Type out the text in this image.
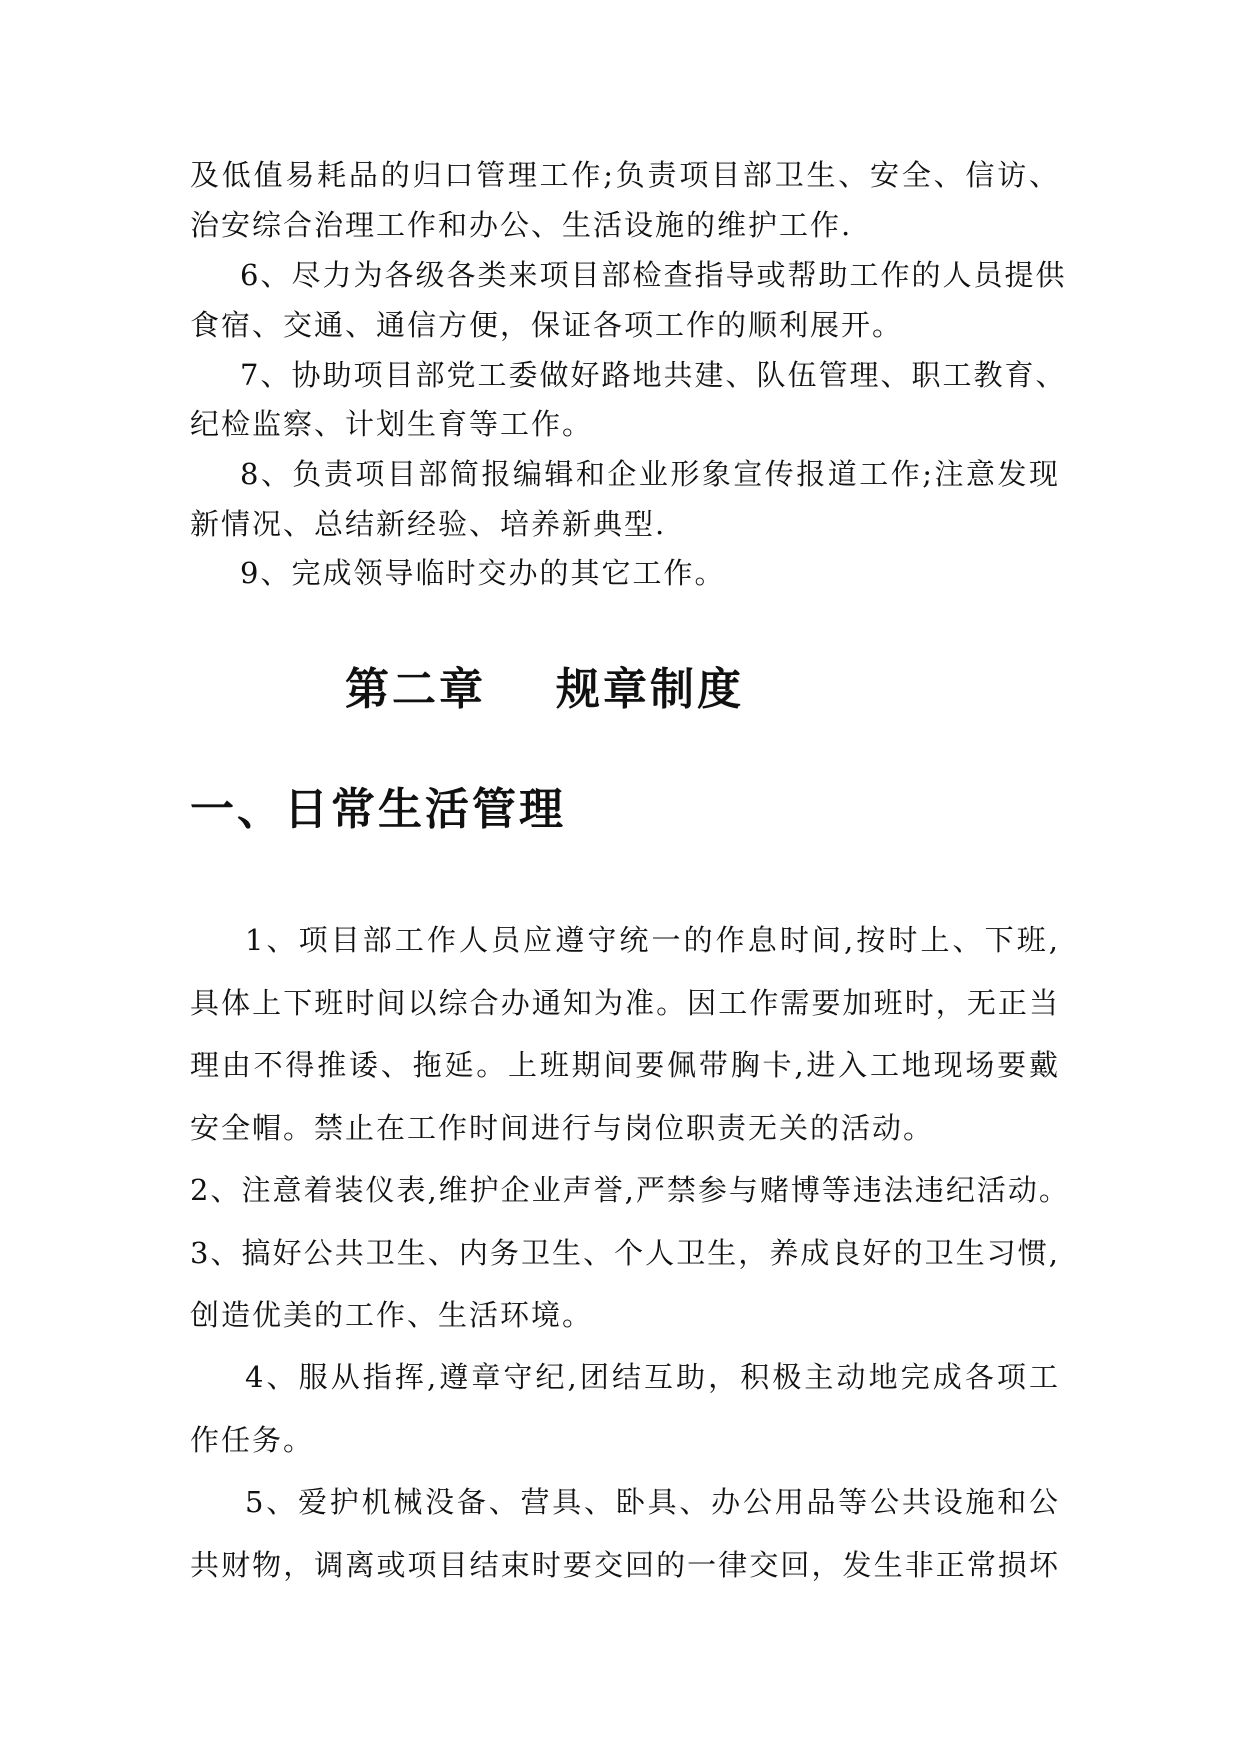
及低值易耗品的归口管理工作;负责项目部卫生、安全、信访、
治安综合治理工作和办公、生活设施的维护工作.
6、尽力为各级各类来项目部检查指导或帮助工作的人员提供
食宿、交通、通信方便，保证各项工作的顺利展开。
7、协助项目部党工委做好路地共建、队伍管理、职工教育、
纪检监察、计划生育等工作。
8、负责项目部简报编辑和企业形象宣传报道工作;注意发现
新情况、总结新经验、培养新典型.
9、完成领导临时交办的其它工作。
第二章 规章制度
一、日常生活管理
1、项目部工作人员应遵守统一的作息时间,按时上、下班,
具体上下班时间以综合办通知为准。因工作需要加班时，无正当
理由不得推诿、拖延。上班期间要佩带胸卡,进入工地现场要戴
安全帽。禁止在工作时间进行与岗位职责无关的活动。
2、注意着装仪表,维护企业声誉,严禁参与赌博等违法违纪活动。
3、搞好公共卫生、内务卫生、个人卫生，养成良好的卫生习惯,
创造优美的工作、生活环境。
4、服从指挥,遵章守纪,团结互助，积极主动地完成各项工
作任务。
5、爱护机械没备、营具、卧具、办公用品等公共设施和公
共财物，调离或项目结束时要交回的一律交回，发生非正常损坏
